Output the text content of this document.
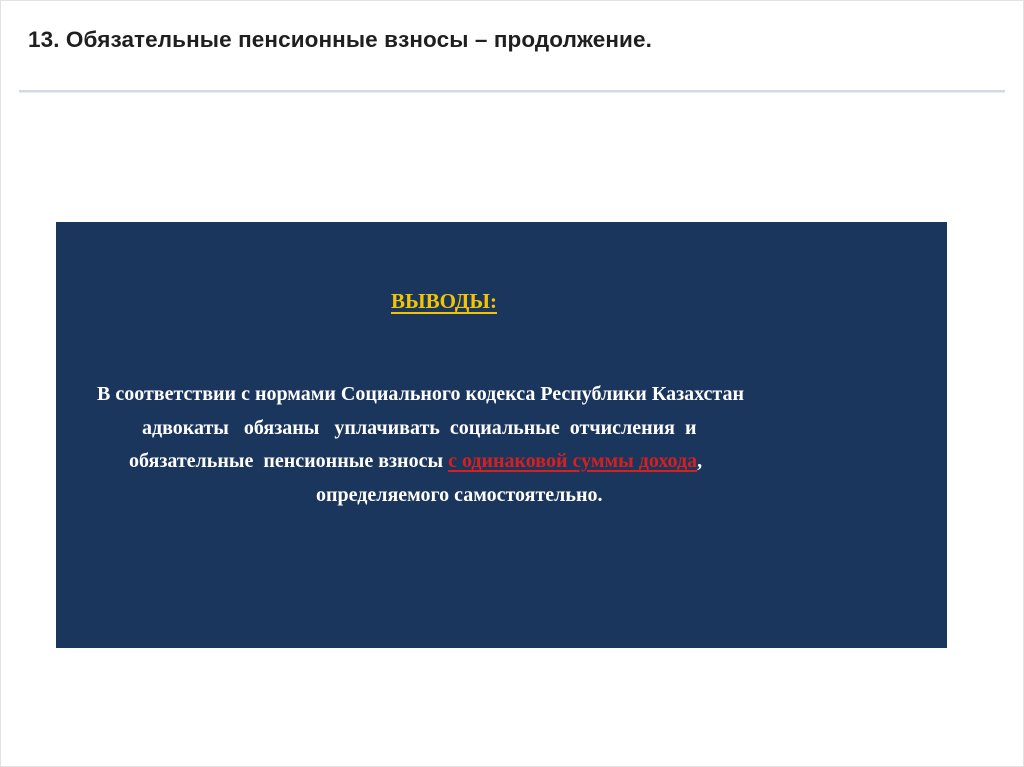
13. Обязательные пенсионные взносы – продолжение.

ВЫВОДЫ:

В соответствии с нормами Социального кодекса Республики Казахстан

адвокаты   обязаны   уплачивать  социальные  отчисления  и

обязательные  пенсионные взносы с одинаковой суммы дохода,

определяемого самостоятельно.
